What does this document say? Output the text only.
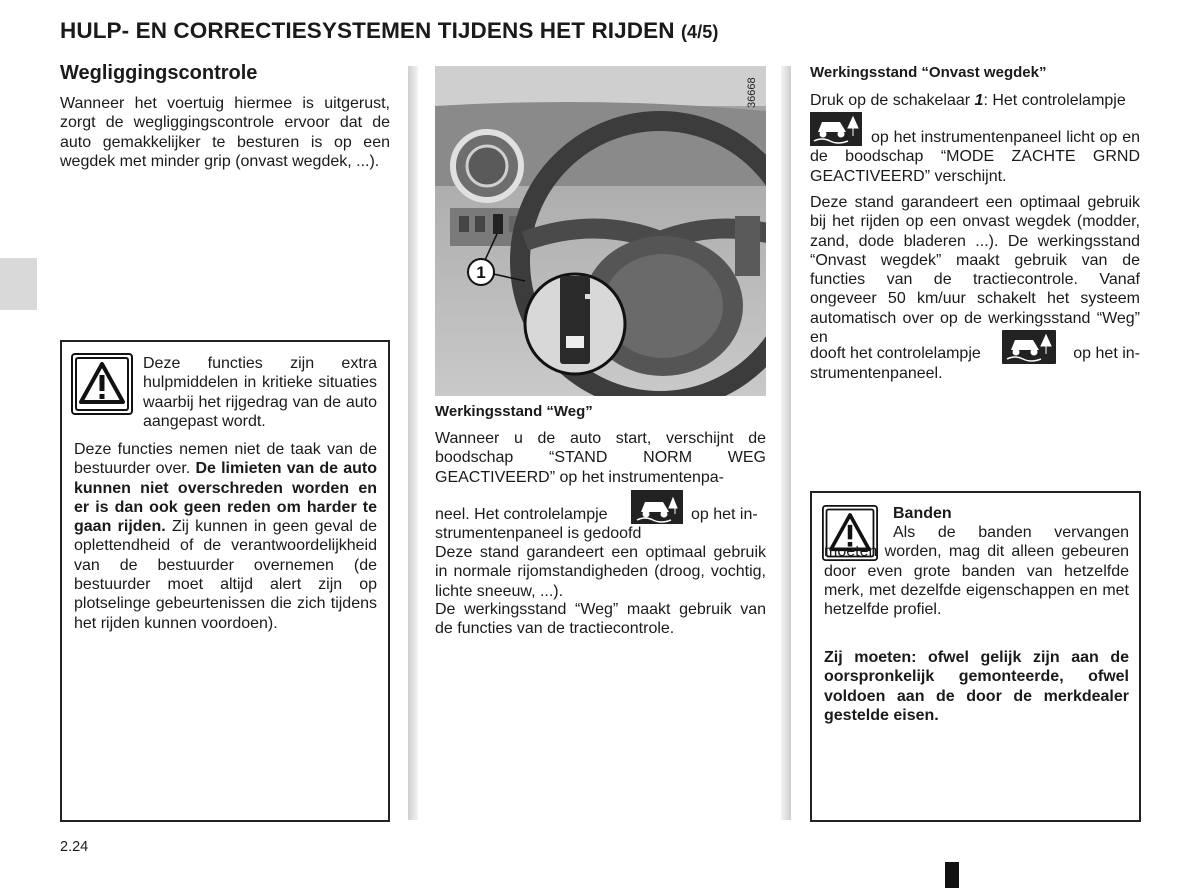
HULP- EN CORRECTIESYSTEMEN TIJDENS HET RIJDEN (4/5)
Wegliggingscontrole
Wanneer het voertuig hiermee is uitgerust, zorgt de wegliggingscontrole ervoor dat de auto gemakkelijker te besturen is op een wegdek met minder grip (onvast wegdek, ...).
Deze functies zijn extra hulpmiddelen in kritieke situaties waarbij het rijgedrag van de auto aangepast wordt.
Deze functies nemen niet de taak van de bestuurder over. De limieten van de auto kunnen niet overschreden worden en er is dan ook geen reden om harder te gaan rijden. Zij kunnen in geen geval de oplettendheid of de verantwoordelijkheid van de bestuurder overnemen (de bestuurder moet altijd alert zijn op plotselinge gebeurtenissen die zich tijdens het rijden kunnen voordoen).
1
36668
Werkingsstand “Weg”
Wanneer u de auto start, verschijnt de boodschap “STAND NORM WEG GEACTIVEERD” op het instrumentenpa-
neel. Het controlelampje	op het in-
strumentenpaneel is gedoofd
Deze stand garandeert een optimaal gebruik in normale rijomstandigheden (droog, vochtig, lichte sneeuw, ...).
De werkingsstand “Weg” maakt gebruik van de functies van de tractiecontrole.
Werkingsstand “Onvast wegdek”
Druk op de schakelaar 1: Het controlelampje
op het instrumentenpaneel licht op en de boodschap “MODE ZACHTE GRND GEACTIVEERD” verschijnt.
Deze stand garandeert een optimaal gebruik bij het rijden op een onvast wegdek (modder, zand, dode bladeren ...). De werkingsstand “Onvast wegdek” maakt gebruik van de functies van de tractiecontrole. Vanaf ongeveer 50 km/uur schakelt het systeem automatisch over op de werkingsstand “Weg” en
dooft het controlelampje	op het in-
strumentenpaneel.
Banden
Als de banden vervangen moeten worden, mag dit alleen gebeuren door even grote banden van hetzelfde merk, met dezelfde eigenschappen en met hetzelfde profiel.
Zij moeten: ofwel gelijk zijn aan de oorspronkelijk gemonteerde, ofwel voldoen aan de door de merkdealer gestelde eisen.
2.24
